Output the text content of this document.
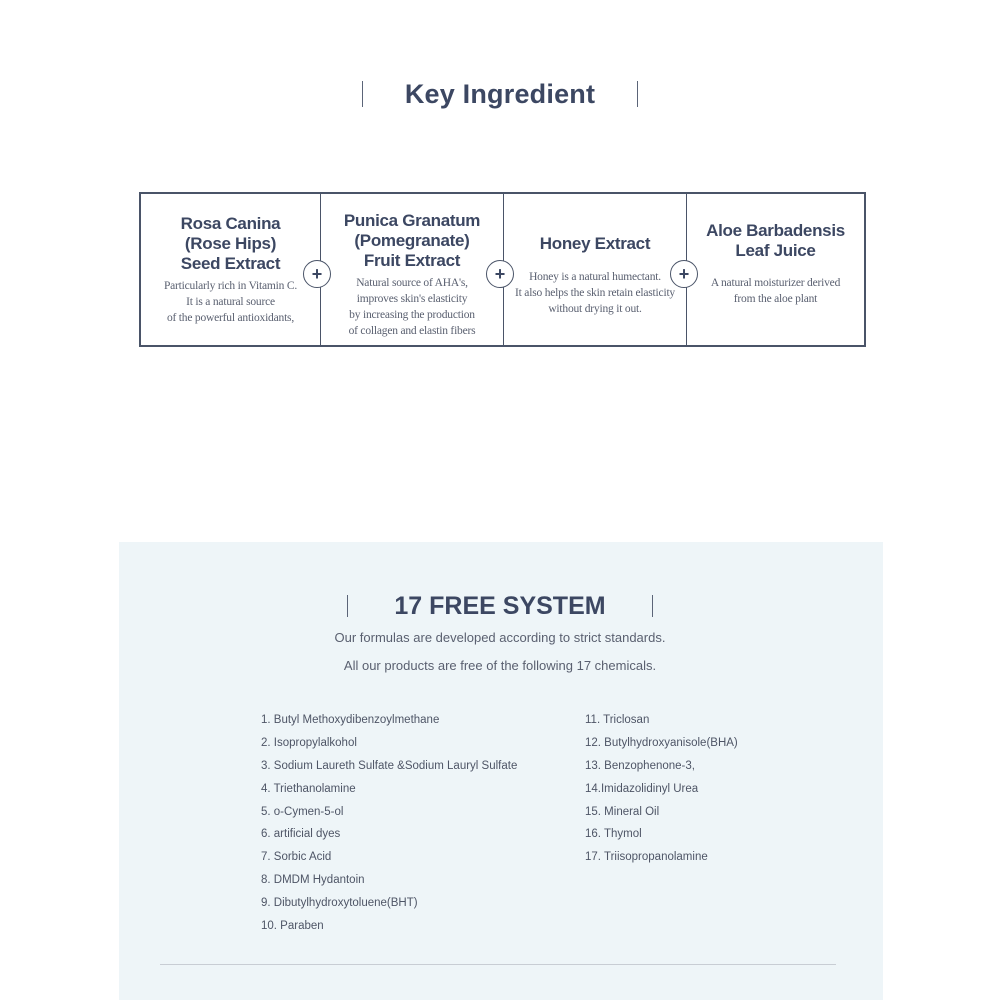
Key Ingredient
Rosa Canina
(Rose Hips)
Seed Extract
Particularly rich in Vitamin C.
It is a natural source
of the powerful antioxidants,
Punica Granatum
(Pomegranate)
Fruit Extract
Natural source of AHA's,
improves skin's elasticity
by increasing the production
of collagen and elastin fibers
Honey Extract
Honey is a natural humectant.
It also helps the skin retain elasticity
without drying it out.
Aloe Barbadensis
Leaf Juice
A natural moisturizer derived
from the aloe plant
+	+	+
17 FREE SYSTEM
Our formulas are developed according to strict standards.
All our products are free of the following 17 chemicals.
1. Butyl Methoxydibenzoylmethane
2. Isopropylalkohol
3. Sodium Laureth Sulfate &Sodium Lauryl Sulfate
4. Triethanolamine
5. o-Cymen-5-ol
6. artificial dyes
7. Sorbic Acid
8. DMDM Hydantoin
9. Dibutylhydroxytoluene(BHT)
10. Paraben
11. Triclosan
12. Butylhydroxyanisole(BHA)
13. Benzophenone-3,
14.Imidazolidinyl Urea
15. Mineral Oil
16. Thymol
17. Triisopropanolamine
